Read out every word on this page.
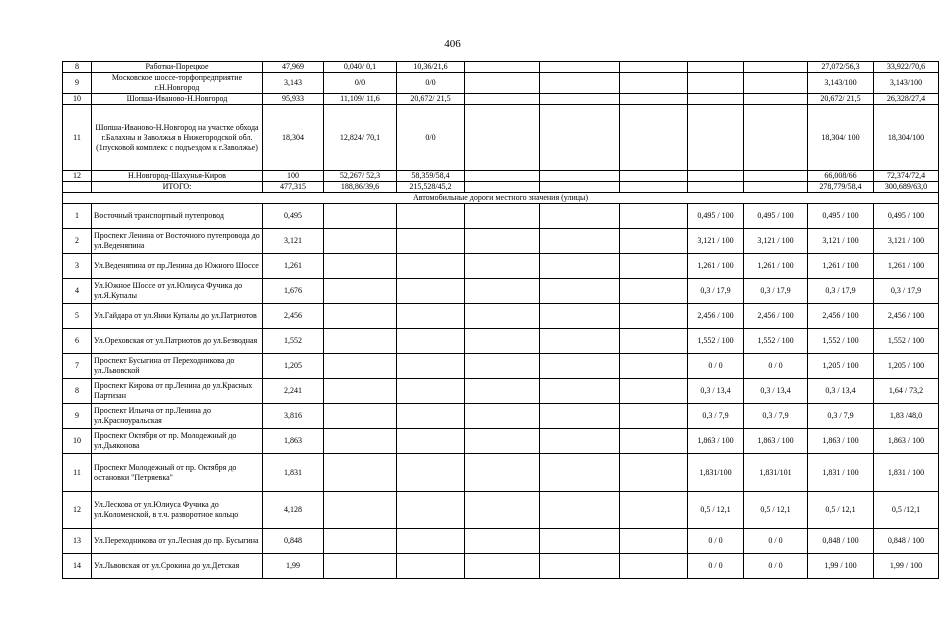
406
8	Работки-Порецкое	47,969	0,040/ 0,1	10,36/21,6						27,072/56,3	33,922/70,6
9	Московское шоссе-торфопредприятие г.Н.Новгород	3,143	0/0	0/0						3,143/100	3,143/100
10	Шопша-Иваново-Н.Новгород	95,933	11,109/ 11,6	20,672/ 21,5						20,672/ 21,5	26,328/27,4
11	Шопша-Иваново-Н.Новгород на участке обхода г.Балахны и Заволжья в Нижегородской обл. (1пусковой комплекс с подъездом к г.Заволжье)	18,304	12,824/ 70,1	0/0						18,304/ 100	18,304/100
12	Н.Новгород-Шахунья-Киров	100	52,267/ 52,3	58,359/58,4						66,008/66	72,374/72,4
	ИТОГО:	477,315	188,86/39,6	215,528/45,2						278,779/58,4	300,689/63,0
Автомобильные дороги местного значения (улицы)											
1	Восточный транспортный путепровод	0,495						0,495 / 100	0,495 / 100	0,495 / 100	0,495 / 100
2	Проспект Ленина от Восточного путепровода до ул.Веденяпина	3,121						3,121 / 100	3,121 / 100	3,121 / 100	3,121 / 100
3	Ул.Веденяпина от пр.Ленина до Южного Шоссе	1,261						1,261 / 100	1,261 / 100	1,261 / 100	1,261 / 100
4	Ул.Южное Шоссе от ул.Юлиуса Фучика до ул.Я.Купалы	1,676						0,3 / 17,9	0,3 / 17,9	0,3 / 17,9	0,3 / 17,9
5	Ул.Гайдара от ул.Янки Купалы до ул.Патриотов	2,456						2,456 / 100	2,456 / 100	2,456 / 100	2,456 / 100
6	Ул.Ореховская от ул.Патриотов до ул.Безводная	1,552						1,552 / 100	1,552 / 100	1,552 / 100	1,552 / 100
7	Проспект Бусыгина от Переходникова до ул.Львовской	1,205						0 / 0	0 / 0	1,205 / 100	1,205 / 100
8	Проспект Кирова от пр.Ленина до ул.Красных Партизан	2,241						0,3 / 13,4	0,3 / 13,4	0,3 / 13,4	1,64 / 73,2
9	Проспект Ильича от пр.Ленина до ул.Красноуральская	3,816						0,3 / 7,9	0,3 / 7,9	0,3 / 7,9	1,83 /48,0
10	Проспект Октября от пр. Молодежный до ул.Дьяконова	1,863						1,863 / 100	1,863 / 100	1,863 / 100	1,863 / 100
11	Проспект Молодежный от пр. Октября до остановки "Петряевка"	1,831						1,831/100	1,831/101	1,831 / 100	1,831 / 100
12	Ул.Лескова от ул.Юлиуса Фучика до ул.Коломенской, в т.ч. разворотное кольцо	4,128						0,5 / 12,1	0,5 / 12,1	0,5 / 12,1	0,5 /12,1
13	Ул.Переходникова от ул.Лесная до пр. Бусыгина	0,848						0 / 0	0 / 0	0,848 / 100	0,848 / 100
14	Ул.Львовская от ул.Срокина до ул.Детская	1,99						0 / 0	0 / 0	1,99 / 100	1,99 / 100
